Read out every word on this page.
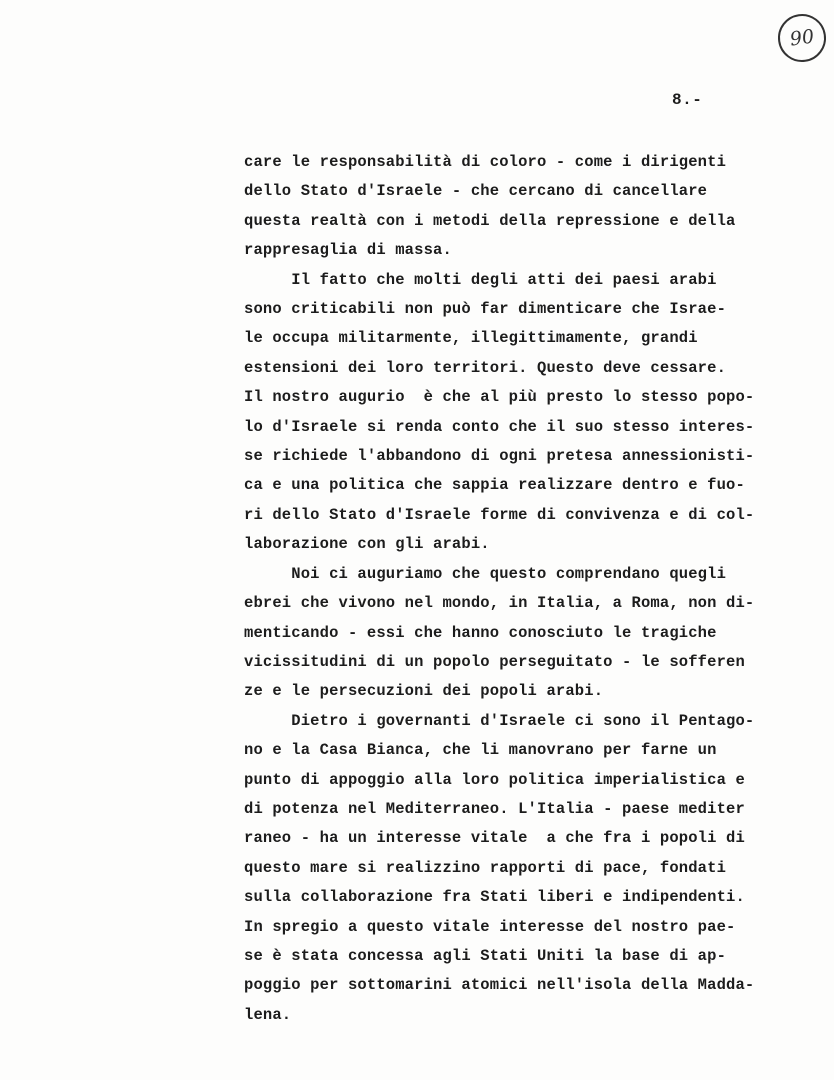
90
8.-
care le responsabilità di coloro - come i dirigenti
dello Stato d'Israele - che cercano di cancellare
questa realtà con i metodi della repressione e della
rappresaglia di massa.
Il fatto che molti degli atti dei paesi arabi
sono criticabili non può far dimenticare che Israe-
le occupa militarmente, illegittimamente, grandi
estensioni dei loro territori. Questo deve cessare.
Il nostro augurio  è che al più presto lo stesso popo-
lo d'Israele si renda conto che il suo stesso interes-
se richiede l'abbandono di ogni pretesa annessionisti-
ca e una politica che sappia realizzare dentro e fuo-
ri dello Stato d'Israele forme di convivenza e di col-
laborazione con gli arabi.
Noi ci auguriamo che questo comprendano quegli
ebrei che vivono nel mondo, in Italia, a Roma, non di-
menticando - essi che hanno conosciuto le tragiche
vicissitudini di un popolo perseguitato - le sofferen
ze e le persecuzioni dei popoli arabi.
Dietro i governanti d'Israele ci sono il Pentago-
no e la Casa Bianca, che li manovrano per farne un
punto di appoggio alla loro politica imperialistica e
di potenza nel Mediterraneo. L'Italia - paese mediter
raneo - ha un interesse vitale  a che fra i popoli di
questo mare si realizzino rapporti di pace, fondati
sulla collaborazione fra Stati liberi e indipendenti.
In spregio a questo vitale interesse del nostro pae-
se è stata concessa agli Stati Uniti la base di ap-
poggio per sottomarini atomici nell'isola della Madda-
lena.
